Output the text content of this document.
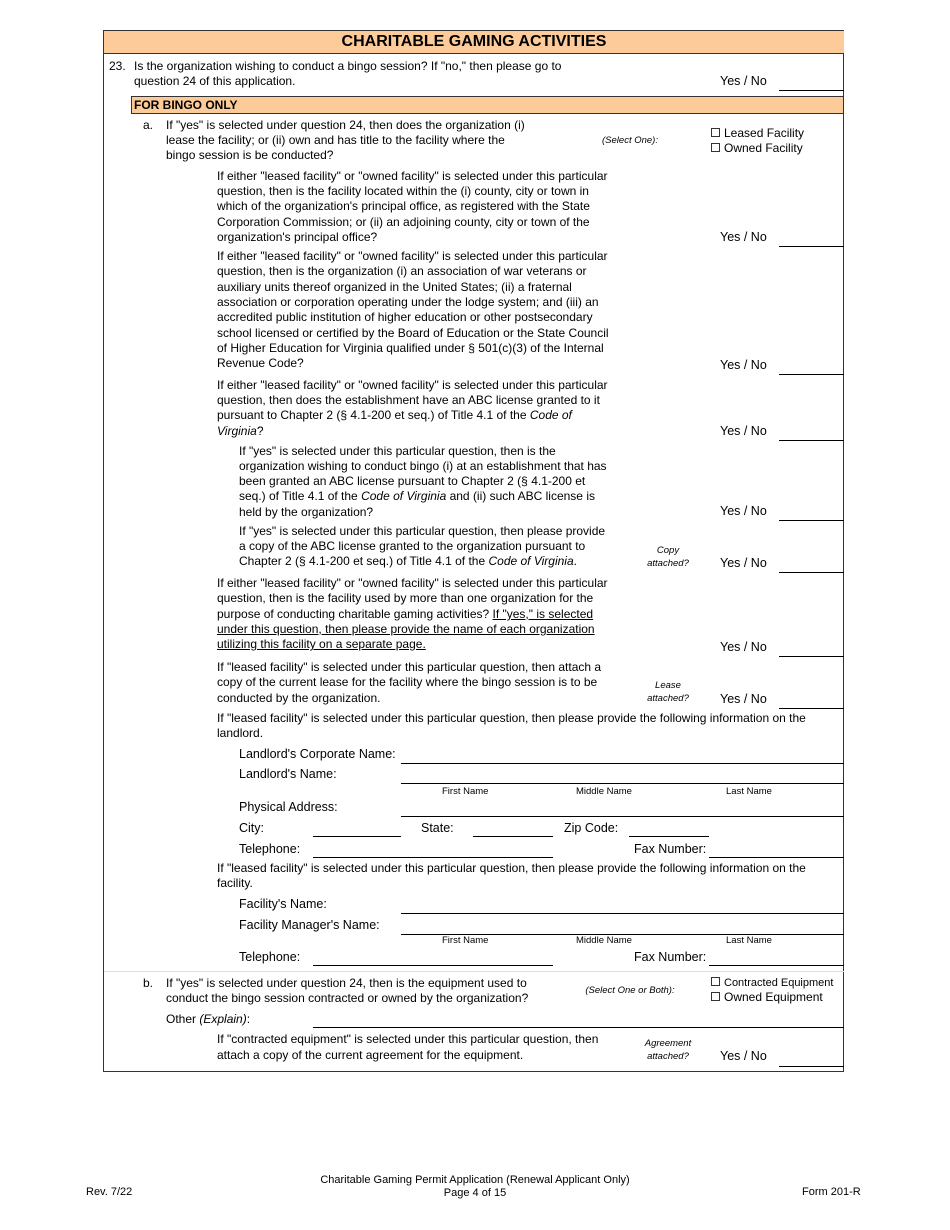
CHARITABLE GAMING ACTIVITIES
23. Is the organization wishing to conduct a bingo session? If "no," then please go to
question 24 of this application.	Yes / No
FOR BINGO ONLY
a. If "yes" is selected under question 24, then does the organization (i)
lease the facility; or (ii) own and has title to the facility where the
bingo session is be conducted?
(Select One):
Leased Facility
Owned Facility
If either "leased facility" or "owned facility" is selected under this particular
question, then is the facility located within the (i) county, city or town in
which of the organization's principal office, as registered with the State
Corporation Commission; or (ii) an adjoining county, city or town of the
organization's principal office?	Yes / No
If either "leased facility" or "owned facility" is selected under this particular
question, then is the organization (i) an association of war veterans or
auxiliary units thereof organized in the United States; (ii) a fraternal
association or corporation operating under the lodge system; and (iii) an
accredited public institution of higher education or other postsecondary
school licensed or certified by the Board of Education or the State Council
of Higher Education for Virginia qualified under § 501(c)(3) of the Internal
Revenue Code?	Yes / No
If either "leased facility" or "owned facility" is selected under this particular
question, then does the establishment have an ABC license granted to it
pursuant to Chapter 2 (§ 4.1-200 et seq.) of Title 4.1 of the Code of
Virginia?	Yes / No
If "yes" is selected under this particular question, then is the
organization wishing to conduct bingo (i) at an establishment that has
been granted an ABC license pursuant to Chapter 2 (§ 4.1-200 et
seq.) of Title 4.1 of the Code of Virginia and (ii) such ABC license is
held by the organization?	Yes / No
If "yes" is selected under this particular question, then please provide
a copy of the ABC license granted to the organization pursuant to
Chapter 2 (§ 4.1-200 et seq.) of Title 4.1 of the Code of Virginia.
Copy
attached?	Yes / No
If either "leased facility" or "owned facility" is selected under this particular
question, then is the facility used by more than one organization for the
purpose of conducting charitable gaming activities? If "yes," is selected
under this question, then please provide the name of each organization
utilizing this facility on a separate page.	Yes / No
If "leased facility" is selected under this particular question, then attach a
copy of the current lease for the facility where the bingo session is to be
conducted by the organization.
Lease
attached?	Yes / No
If "leased facility" is selected under this particular question, then please provide the following information on the
landlord.
Landlord's Corporate Name:
Landlord's Name:
First Name	Middle Name	Last Name
Physical Address:
City:	State:	Zip Code:
Telephone:	Fax Number:
If "leased facility" is selected under this particular question, then please provide the following information on the
facility.
Facility's Name:
Facility Manager's Name:
First Name	Middle Name	Last Name
Telephone:	Fax Number:
b. If "yes" is selected under question 24, then is the equipment used to
conduct the bingo session contracted or owned by the organization?
(Select One or Both):
Contracted Equipment
Owned Equipment
Other (Explain):
If "contracted equipment" is selected under this particular question, then
attach a copy of the current agreement for the equipment.
Agreement
attached?	Yes / No
Rev. 7/22
Charitable Gaming Permit Application (Renewal Applicant Only)
Page 4 of 15	Form 201-R
